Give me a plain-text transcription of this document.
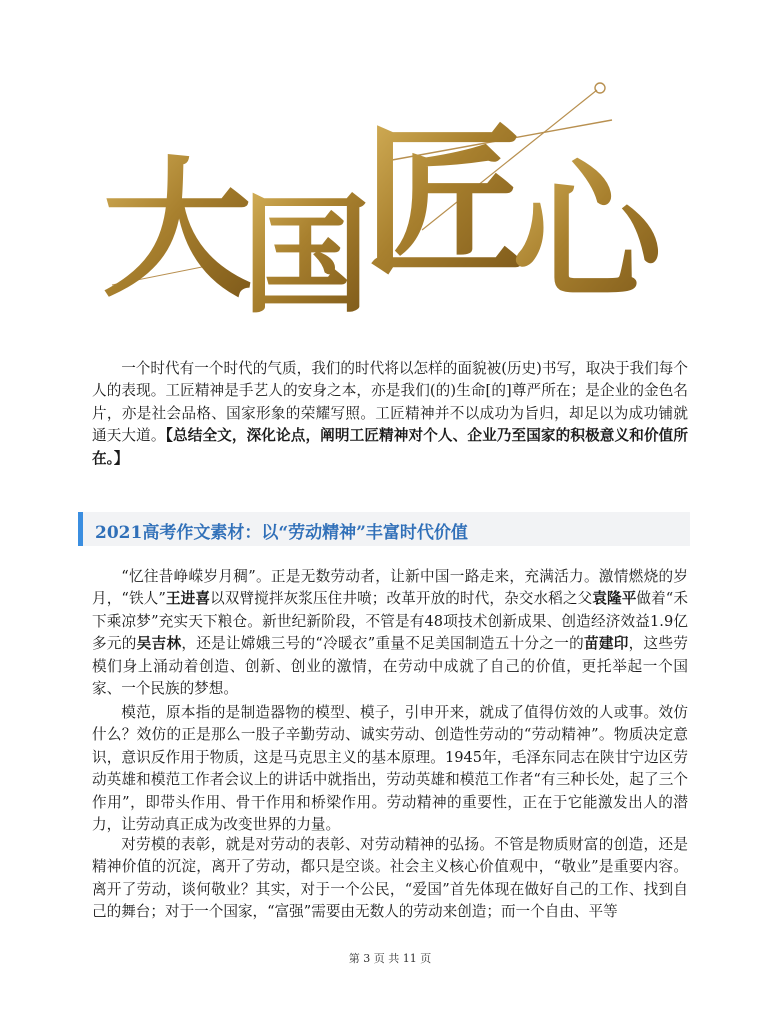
大
国
匠
心

一个时代有一个时代的气质，我们的时代将以怎样的面貌被(历史)书写，取决于我们每个人的表现。工匠精神是手艺人的安身之本，亦是我们(的)生命[的]尊严所在；是企业的金色名片，亦是社会品格、国家形象的荣耀写照。工匠精神并不以成功为旨归，却足以为成功铺就通天大道。【总结全文，深化论点，阐明工匠精神对个人、企业乃至国家的积极意义和价值所在。】

2021高考作文素材：以“劳动精神”丰富时代价值

“忆往昔峥嵘岁月稠”。正是无数劳动者，让新中国一路走来，充满活力。激情燃烧的岁月，“铁人”王进喜以双臂搅拌灰浆压住井喷；改革开放的时代，杂交水稻之父袁隆平做着“禾下乘凉梦”充实天下粮仓。新世纪新阶段，不管是有48项技术创新成果、创造经济效益1.9亿多元的吴吉林，还是让嫦娥三号的“冷暖衣”重量不足美国制造五十分之一的苗建印，这些劳模们身上涌动着创造、创新、创业的激情，在劳动中成就了自己的价值，更托举起一个国家、一个民族的梦想。

模范，原本指的是制造器物的模型、模子，引申开来，就成了值得仿效的人或事。效仿什么？效仿的正是那么一股子辛勤劳动、诚实劳动、创造性劳动的“劳动精神”。物质决定意识，意识反作用于物质，这是马克思主义的基本原理。1945年，毛泽东同志在陕甘宁边区劳动英雄和模范工作者会议上的讲话中就指出，劳动英雄和模范工作者“有三种长处，起了三个作用”，即带头作用、骨干作用和桥梁作用。劳动精神的重要性，正在于它能激发出人的潜力，让劳动真正成为改变世界的力量。

对劳模的表彰，就是对劳动的表彰、对劳动精神的弘扬。不管是物质财富的创造，还是精神价值的沉淀，离开了劳动，都只是空谈。社会主义核心价值观中，“敬业”是重要内容。离开了劳动，谈何敬业？其实，对于一个公民，“爱国”首先体现在做好自己的工作、找到自己的舞台；对于一个国家，“富强”需要由无数人的劳动来创造；而一个自由、平等

第 3 页 共 11 页
